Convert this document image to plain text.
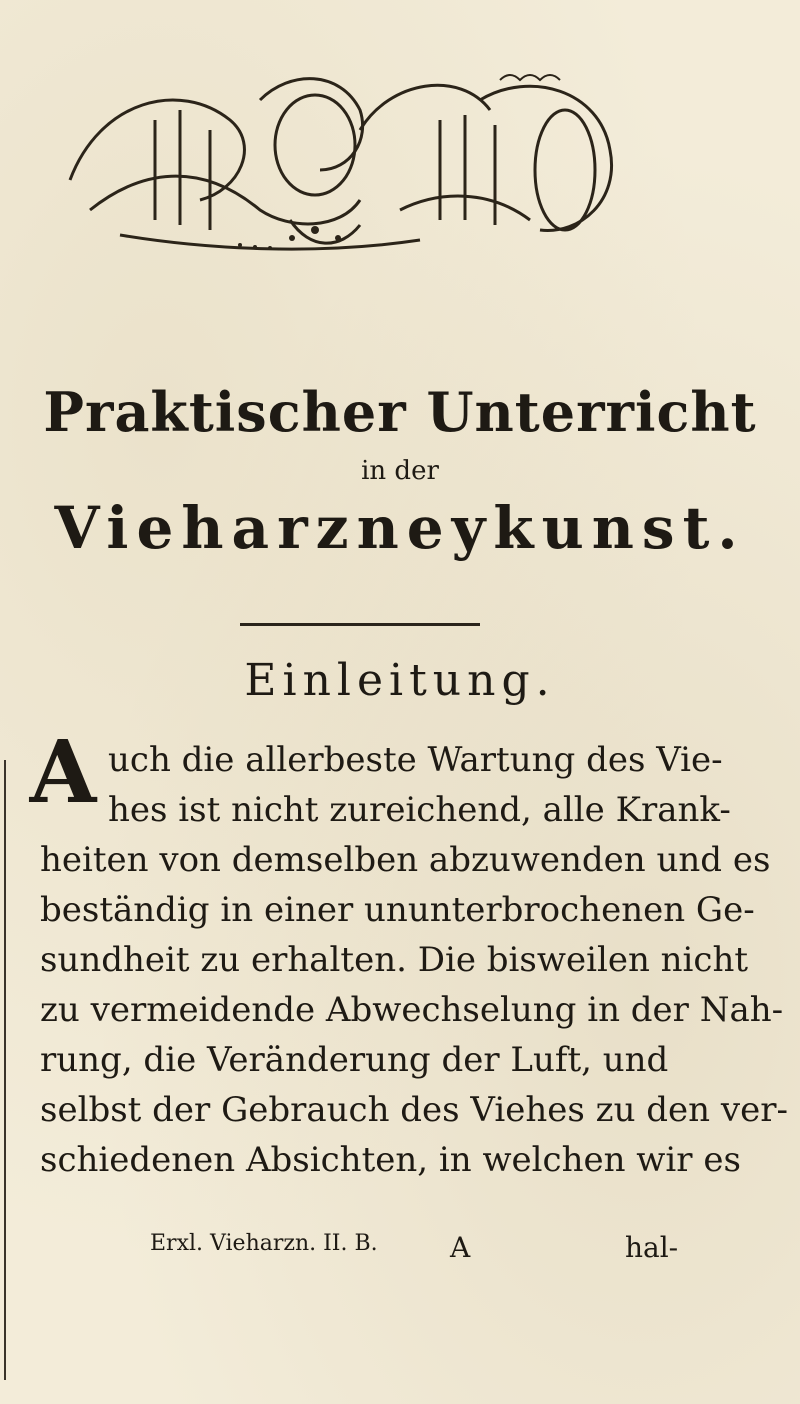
Praktischer Unterricht
in der
Vieharzneykunst.
Einleitung.
A uch die allerbeste Wartung des Vie-
hes ist nicht zureichend, alle Krank-
heiten von demselben abzuwenden und es
beständig in einer ununterbrochenen Ge-
sundheit zu erhalten. Die bisweilen nicht
zu vermeidende Abwechselung in der Nah-
rung, die Veränderung der Luft, und
selbst der Gebrauch des Viehes zu den ver-
schiedenen Absichten, in welchen wir es
Erxl. Vieharzn. II. B.	A	hal-
